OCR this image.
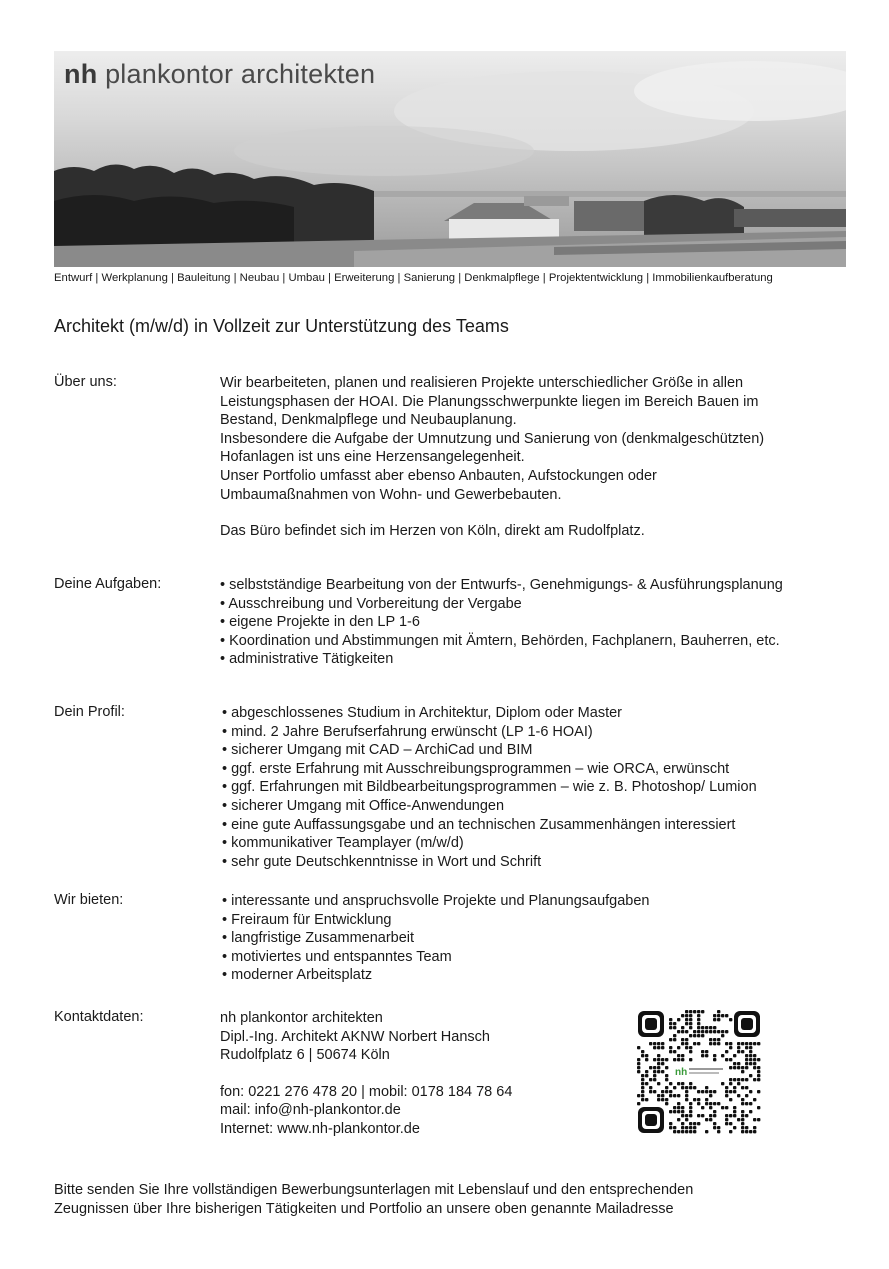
nh plankontor architekten
Entwurf | Werkplanung | Bauleitung | Neubau | Umbau | Erweiterung | Sanierung | Denkmalpflege | Projektentwicklung | Immobilienkaufberatung
Architekt (m/w/d) in Vollzeit zur Unterstützung des Teams
Über uns:	Wir bearbeiteten, planen und realisieren Projekte unterschiedlicher Größe in allen

Leistungsphasen der HOAI. Die Planungsschwerpunkte liegen im Bereich Bauen im

Bestand, Denkmalpflege und Neubauplanung.

Insbesondere die Aufgabe der Umnutzung und Sanierung von (denkmalgeschützten)

Hofanlagen ist uns eine Herzensangelegenheit.

Unser Portfolio umfasst aber ebenso Anbauten, Aufstockungen oder

Umbaumaßnahmen von Wohn- und Gewerbebauten.

Das Büro befindet sich im Herzen von Köln, direkt am Rudolfplatz.

Deine Aufgaben:	• selbstständige Bearbeitung von der Entwurfs-, Genehmigungs- & Ausführungsplanung
• Ausschreibung und Vorbereitung der Vergabe
• eigene Projekte in den LP 1-6
• Koordination und Abstimmungen mit Ämtern, Behörden, Fachplanern, Bauherren, etc.
• administrative Tätigkeiten
Dein Profil:	• abgeschlossenes Studium in Architektur, Diplom oder Master
• mind. 2 Jahre Berufserfahrung erwünscht (LP 1-6 HOAI)
• sicherer Umgang mit CAD – ArchiCad und BIM
• ggf. erste Erfahrung mit Ausschreibungsprogrammen – wie ORCA, erwünscht
• ggf. Erfahrungen mit Bildbearbeitungsprogrammen – wie z. B. Photoshop/ Lumion
• sicherer Umgang mit Office-Anwendungen
• eine gute Auffassungsgabe und an technischen Zusammenhängen interessiert
• kommunikativer Teamplayer (m/w/d)
• sehr gute Deutschkenntnisse in Wort und Schrift
Wir bieten:	• interessante und anspruchsvolle Projekte und Planungsaufgaben
• Freiraum für Entwicklung
• langfristige Zusammenarbeit
• motiviertes und entspanntes Team
• moderner Arbeitsplatz
Kontaktdaten:	nh plankontor architekten

Dipl.-Ing. Architekt AKNW Norbert Hansch

Rudolfplatz 6 | 50674 Köln

fon: 0221 276 478 20 | mobil: 0178 184 78 64

mail: info@nh-plankontor.de

Internet: www.nh-plankontor.de

nh
Bitte senden Sie Ihre vollständigen Bewerbungsunterlagen mit Lebenslauf und den entsprechenden
Zeugnissen über Ihre bisherigen Tätigkeiten und Portfolio an unsere oben genannte Mailadresse
